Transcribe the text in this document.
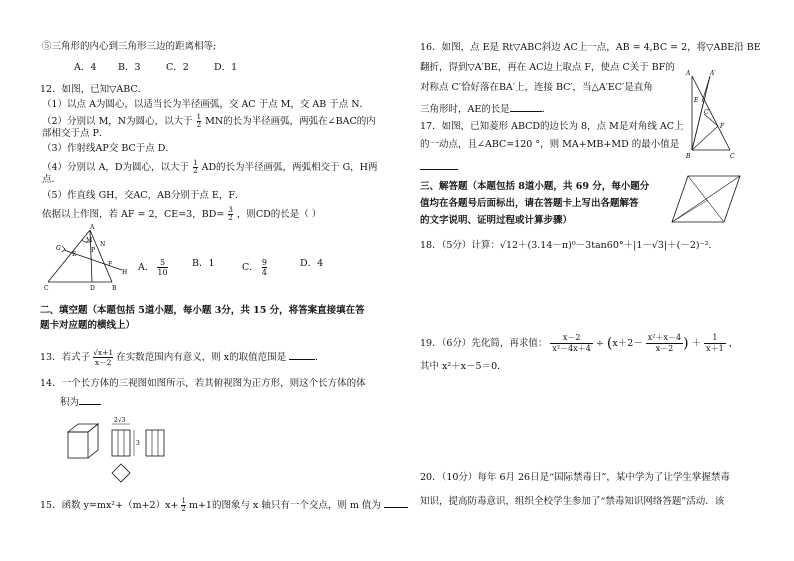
⑤三角形的内心到三角形三边的距离相等;
A．4 B．3	C．2	D．1
12．如图，已知▽ABC．
（1）以点 A为圆心，以适当长为半径画弧，交 AC 于点 M，交 AB 于点 N．
（2）分别以 M，N为圆心，以大于 $\frac{1}{2}$ MN的长为半径画弧，两弧在∠BAC的内
部相交于点 P．
（3）作射线AP交 BC于点 D．
（4）分别以 A，D为圆心，以大于 $\frac{1}{2}$ AD的长为半径画弧，两弧相交于 G，H两
点．
（5）作直线 GH，交AC，AB分别于点 E，F．
依据以上作图，若 AF = 2，CE=3，$BD= \frac{3}{2}$ ，则CD的长是（ ）
A
G
M
E
P
N
H
F
B
C	D
A． $\frac{5}{10}$	B．1	C． $\frac{9}{4}$	D．4
二、填空题（本题包括 5道小题，每小题 3分，共 15 分，将答案直接填在答
题卡对应题的横线上）
13．若式子 $\frac{√x+1}{x-2}$ 在实数范围内有意义，则 x的取值范围是	．
14．一个长方体的三视图如图所示，若其俯视图为正方形，则这个长方体的体
积为
2√3
3
15．函数 $y=mx^2+(m+2)x+ \frac{1}{2} m+1$的图象与 x 轴只有一个交点，则 m 值为
16．如图，点 E是 Rt▽ABC斜边 AC上一点，AB = 4,BC = 2，将▽ABE沿 BE
翻折，得到▽A′BE，再在 AC边上取点 F，使点 C关于 BF的
对称点 C′恰好落在BA′上，连接 BC′，当△A′EC′是直角
三角形时，AE的长是	．
17．如图，已知菱形 ABCD的边长为 8，点 M是对角线 AC上
的一动点，且∠ABC=120 °，则 MA+MB+MD 的最小值是
A	A′
E
C′
F
B	C
三、解答题（本题包括 8道小题，共 69 分，每小题分
值均在各题号后面标出，请在答题卡上写出各题解答
的文字说明、证明过程或计算步骤）
18．（5分）计算：√12＋(3.14－π)⁰－3tan60°＋|1－√3|＋(－2)⁻²．
19．（6分）先化简，再求值： $\frac{x-2}{\text{x²－4x＋4}} \div (x+2- \frac{\text{x²＋x－4}}{x-2}$ ) ＋ $\frac{1}{x+1}$ ，
其中 x²＋x－5＝0．
20．（10分）每年 6月 26日是“国际禁毒日”，某中学为了让学生掌握禁毒
知识，提高防毒意识，组织全校学生参加了“禁毒知识网络答题”活动．该
